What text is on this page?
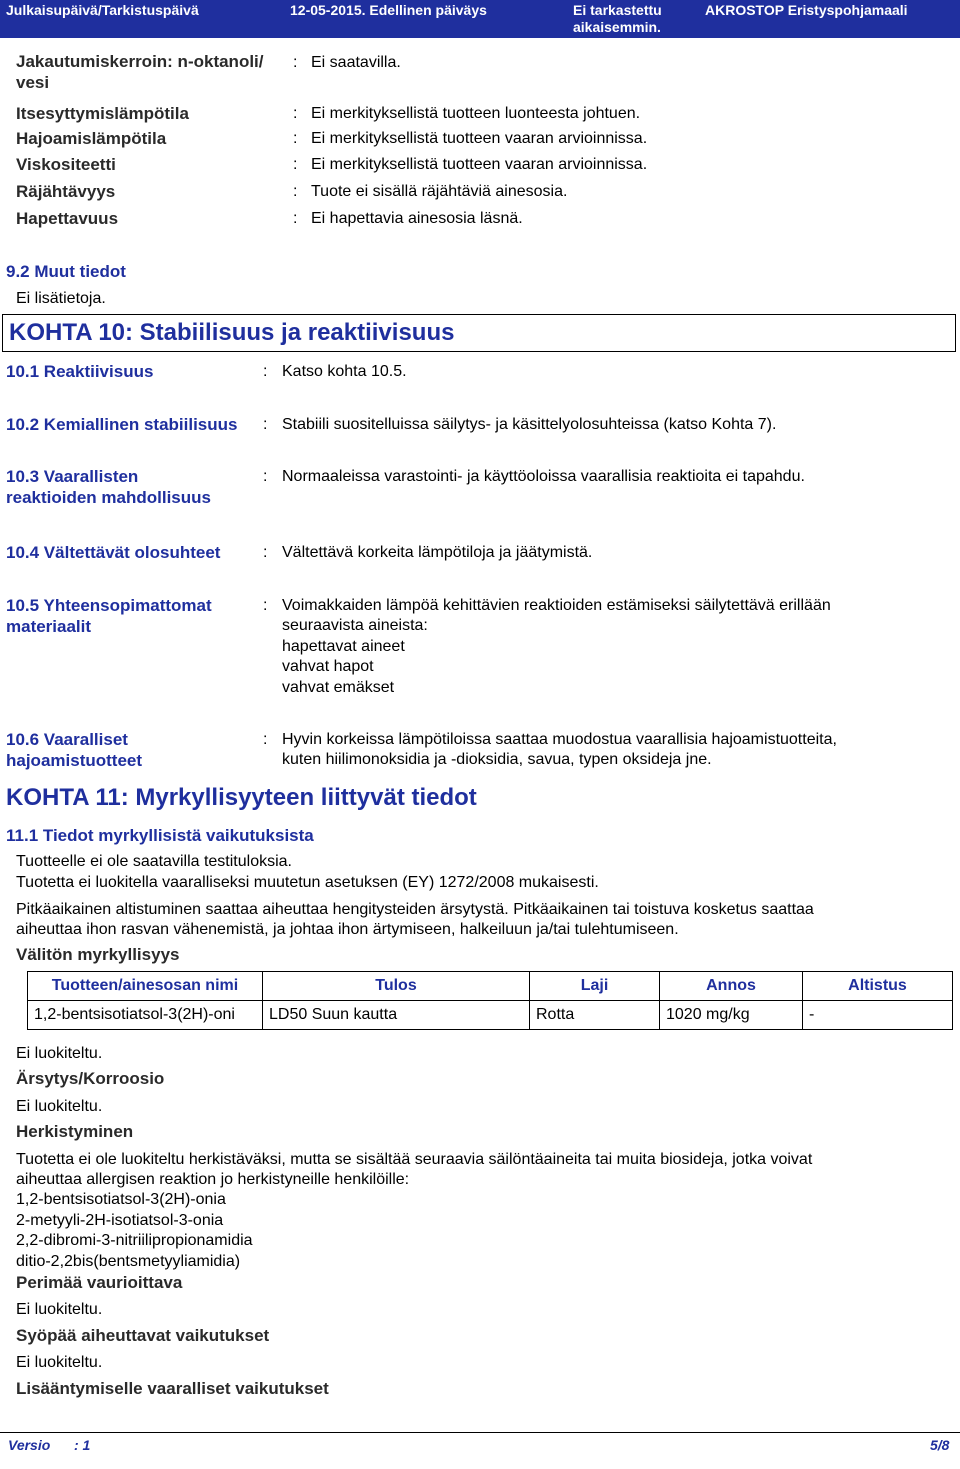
Julkaisupäivä/Tarkistuspäivä	12-05-2015. Edellinen päiväys	Ei tarkastettu
aikaisemmin.
AKROSTOP Eristyspohjamaali
Jakautumiskerroin: n-oktanoli/
vesi
: Ei saatavilla.
Itsesyttymislämpötila	: Ei merkityksellistä tuotteen luonteesta johtuen.
Hajoamislämpötila	: Ei merkityksellistä tuotteen vaaran arvioinnissa.
Viskositeetti	: Ei merkityksellistä tuotteen vaaran arvioinnissa.
Räjähtävyys	: Tuote ei sisällä räjähtäviä ainesosia.
Hapettavuus	: Ei hapettavia ainesosia läsnä.
9.2 Muut tiedot
Ei lisätietoja.
KOHTA 10: Stabiilisuus ja reaktiivisuus
10.1 Reaktiivisuus	: Katso kohta 10.5.
10.2 Kemiallinen stabiilisuus : Stabiili suositelluissa säilytys- ja käsittelyolosuhteissa (katso Kohta 7).
10.3 Vaarallisten
reaktioiden mahdollisuus
: Normaaleissa varastointi- ja käyttöoloissa vaarallisia reaktioita ei tapahdu.
10.4 Vältettävät olosuhteet	: Vältettävä korkeita lämpötiloja ja jäätymistä.
10.5 Yhteensopimattomat
materiaalit
: Voimakkaiden lämpöä kehittävien reaktioiden estämiseksi säilytettävä erillään
seuraavista aineista:
hapettavat aineet
vahvat hapot
vahvat emäkset
10.6 Vaaralliset
hajoamistuotteet
: Hyvin korkeissa lämpötiloissa saattaa muodostua vaarallisia hajoamistuotteita,
kuten hiilimonoksidia ja -dioksidia, savua, typen oksideja jne.
KOHTA 11: Myrkyllisyyteen liittyvät tiedot
11.1 Tiedot myrkyllisistä vaikutuksista
Tuotteelle ei ole saatavilla testituloksia.
Tuotetta ei luokitella vaaralliseksi muutetun asetuksen (EY) 1272/2008 mukaisesti.
Pitkäaikainen altistuminen saattaa aiheuttaa hengitysteiden ärsytystä. Pitkäaikainen tai toistuva kosketus saattaa
aiheuttaa ihon rasvan vähenemistä, ja johtaa ihon ärtymiseen, halkeiluun ja/tai tulehtumiseen.
Välitön myrkyllisyys
Tuotteen/ainesosan nimi	Tulos	Laji	Annos	Altistus
1,2-bentsisotiatsol-3(2H)-oni	LD50 Suun kautta	Rotta	1020 mg/kg	-
Ei luokiteltu.
Ärsytys/Korroosio
Ei luokiteltu.
Herkistyminen
Tuotetta ei ole luokiteltu herkistäväksi, mutta se sisältää seuraavia säilöntäaineita tai muita biosideja, jotka voivat
aiheuttaa allergisen reaktion jo herkistyneille henkilöille:
1,2-bentsisotiatsol-3(2H)-onia
2-metyyli-2H-isotiatsol-3-onia
2,2-dibromi-3-nitriilipropionamidia
ditio-2,2bis(bentsmetyyliamidia)
Perimää vaurioittava
Ei luokiteltu.
Syöpää aiheuttavat vaikutukset
Ei luokiteltu.
Lisääntymiselle vaaralliset vaikutukset
Versio : 1	5/8
